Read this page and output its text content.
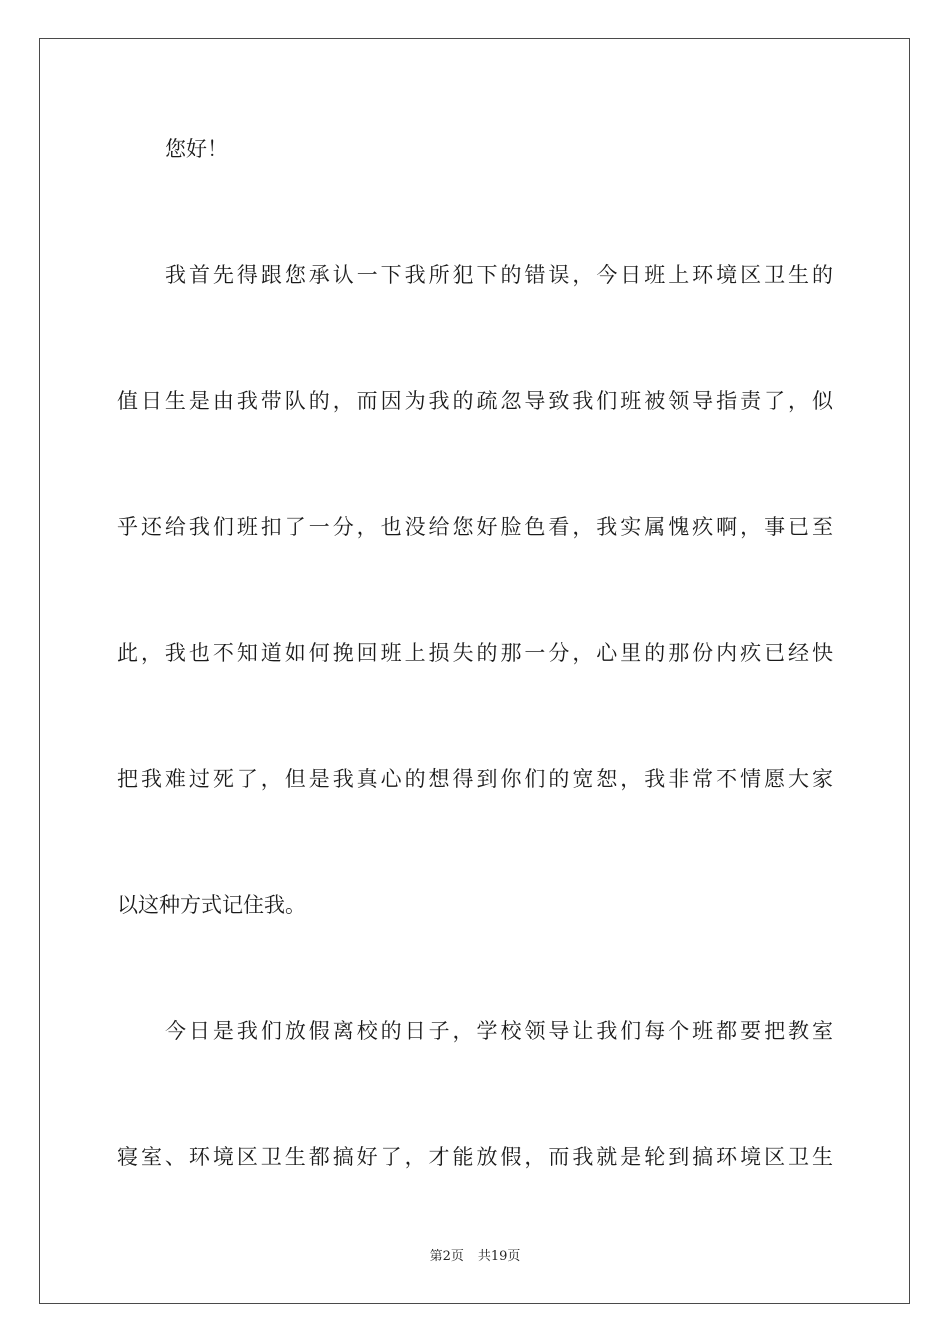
您好！
我首先得跟您承认一下我所犯下的错误，今日班上环境区卫生的
值日生是由我带队的，而因为我的疏忽导致我们班被领导指责了，似
乎还给我们班扣了一分，也没给您好脸色看，我实属愧疚啊，事已至
此，我也不知道如何挽回班上损失的那一分，心里的那份内疚已经快
把我难过死了，但是我真心的想得到你们的宽恕，我非常不情愿大家
以这种方式记住我。
今日是我们放假离校的日子，学校领导让我们每个班都要把教室
寝室、环境区卫生都搞好了，才能放假，而我就是轮到搞环境区卫生
第2页 共19页
